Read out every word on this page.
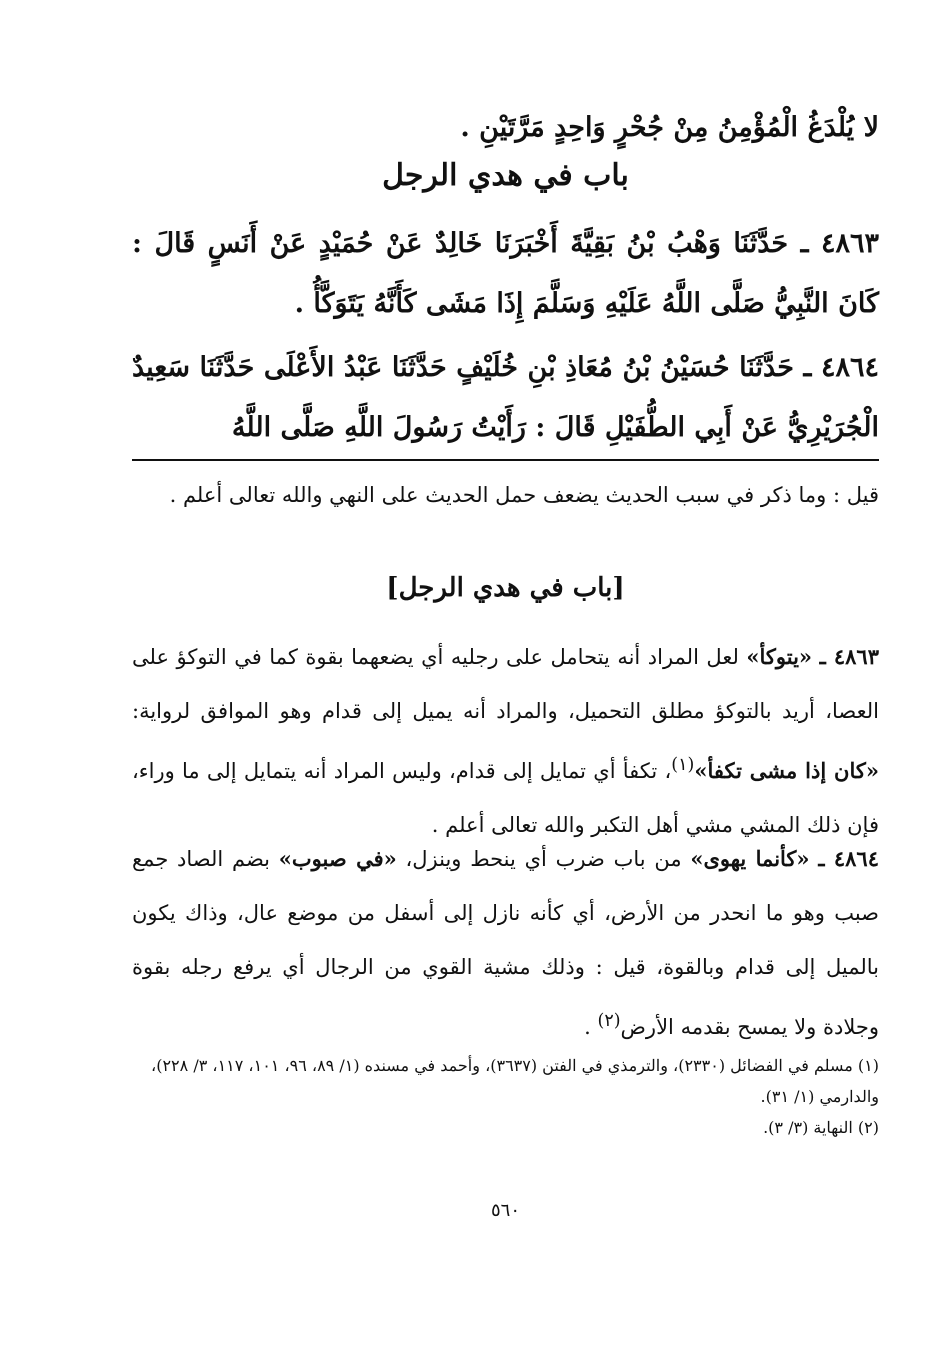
لا يُلْدَغُ الْمُؤْمِنُ مِنْ جُحْرٍ وَاحِدٍ مَرَّتَيْنِ .
باب في هدي الرجل
٤٨٦٣ ـ حَدَّثَنَا وَهْبُ بْنُ بَقِيَّةَ أَخْبَرَنَا خَالِدٌ عَنْ حُمَيْدٍ عَنْ أَنَسٍ قَالَ : كَانَ النَّبِيُّ صَلَّى اللَّهُ عَلَيْهِ وَسَلَّمَ إِذَا مَشَى كَأَنَّهُ يَتَوَكَّأُ .
٤٨٦٤ ـ حَدَّثَنَا حُسَيْنُ بْنُ مُعَاذِ بْنِ خُلَيْفٍ حَدَّثَنَا عَبْدُ الأَعْلَى حَدَّثَنَا سَعِيدٌ الْجُرَيْرِيُّ عَنْ أَبِي الطُّفَيْلِ قَالَ : رَأَيْتُ رَسُولَ اللَّهِ صَلَّى اللَّهُ
قيل : وما ذكر في سبب الحديث يضعف حمل الحديث على النهي والله تعالى أعلم .
[باب في هدي الرجل]

٤٨٦٣ ـ «يتوكأ» لعل المراد أنه يتحامل على رجليه أي يضعهما بقوة كما في التوكؤ على العصا، أريد بالتوكؤ مطلق التحميل، والمراد أنه يميل إلى قدام وهو الموافق لرواية: «كان إذا مشى تكفأ»$^{(١)}$، تكفأ أي تمايل إلى قدام، وليس المراد أنه يتمايل إلى ما وراء، فإن ذلك المشي مشي أهل التكبر والله تعالى أعلم .

٤٨٦٤ ـ «كأنما يهوى» من باب ضرب أي ينحط وينزل، «في صبوب» بضم الصاد جمع صبب وهو ما انحدر من الأرض، أي كأنه نازل إلى أسفل من موضع عال، وذاك يكون بالميل إلى قدام وبالقوة، قيل : وذلك مشية القوي من الرجال أي يرفع رجله بقوة وجلادة ولا يمسح بقدمه الأرض$^{(٢)}$ .

(١) مسلم في الفضائل (٢٣٣٠)، والترمذي في الفتن (٣٦٣٧)، وأحمد في مسنده (١/ ٨٩، ٩٦، ١٠١، ١١٧، ٣/ ٢٢٨)، والدارمي (١/ ٣١).

(٢) النهاية (٣/ ٣).

٥٦٠
